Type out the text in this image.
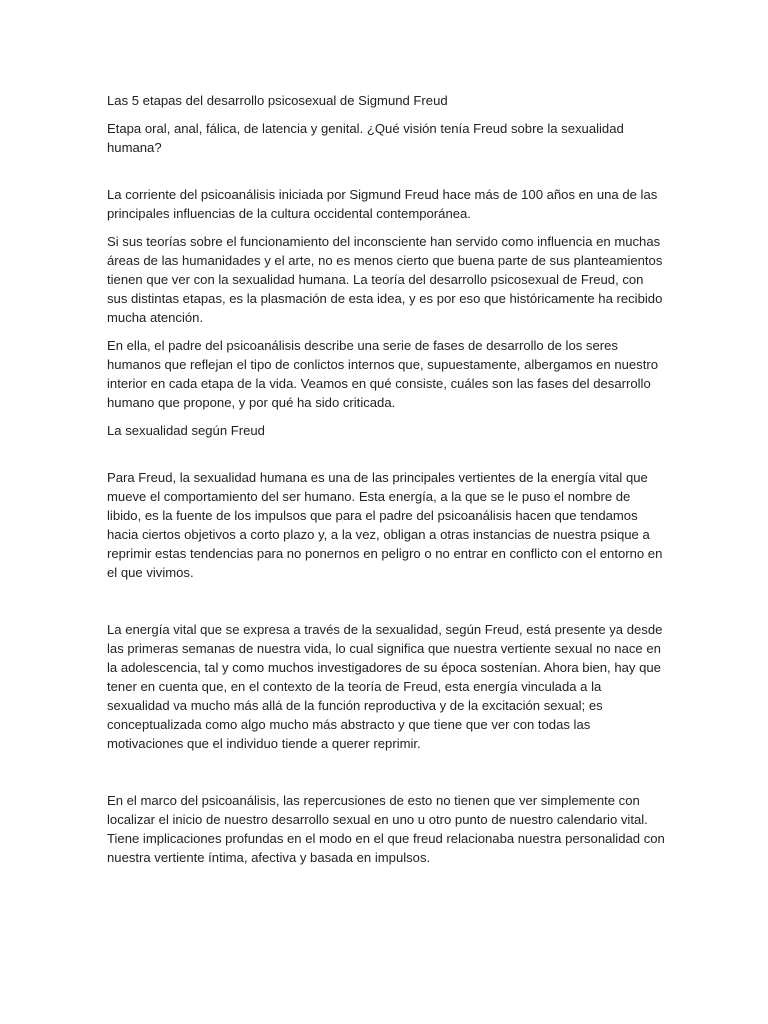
Las 5 etapas del desarrollo psicosexual de Sigmund Freud

Etapa oral, anal, fálica, de latencia y genital. ¿Qué visión tenía Freud sobre la sexualidad humana?

La corriente del psicoanálisis iniciada por Sigmund Freud hace más de 100 años en una de las principales influencias de la cultura occidental contemporánea.

Si sus teorías sobre el funcionamiento del inconsciente han servido como influencia en muchas áreas de las humanidades y el arte, no es menos cierto que buena parte de sus planteamientos tienen que ver con la sexualidad humana. La teoría del desarrollo psicosexual de Freud, con sus distintas etapas, es la plasmación de esta idea, y es por eso que históricamente ha recibido mucha atención.

En ella, el padre del psicoanálisis describe una serie de fases de desarrollo de los seres humanos que reflejan el tipo de conlictos internos que, supuestamente, albergamos en nuestro interior en cada etapa de la vida. Veamos en qué consiste, cuáles son las fases del desarrollo humano que propone, y por qué ha sido criticada.

La sexualidad según Freud

Para Freud, la sexualidad humana es una de las principales vertientes de la energía vital que mueve el comportamiento del ser humano. Esta energía, a la que se le puso el nombre de libido, es la fuente de los impulsos que para el padre del psicoanálisis hacen que tendamos hacia ciertos objetivos a corto plazo y, a la vez, obligan a otras instancias de nuestra psique a reprimir estas tendencias para no ponernos en peligro o no entrar en conflicto con el entorno en el que vivimos.

La energía vital que se expresa a través de la sexualidad, según Freud, está presente ya desde las primeras semanas de nuestra vida, lo cual significa que nuestra vertiente sexual no nace en la adolescencia, tal y como muchos investigadores de su época sostenían. Ahora bien, hay que tener en cuenta que, en el contexto de la teoría de Freud, esta energía vinculada a la sexualidad va mucho más allá de la función reproductiva y de la excitación sexual; es conceptualizada como algo mucho más abstracto y que tiene que ver con todas las motivaciones que el individuo tiende a querer reprimir.

En el marco del psicoanálisis, las repercusiones de esto no tienen que ver simplemente con localizar el inicio de nuestro desarrollo sexual en uno u otro punto de nuestro calendario vital. Tiene implicaciones profundas en el modo en el que freud relacionaba nuestra personalidad con nuestra vertiente íntima, afectiva y basada en impulsos.
